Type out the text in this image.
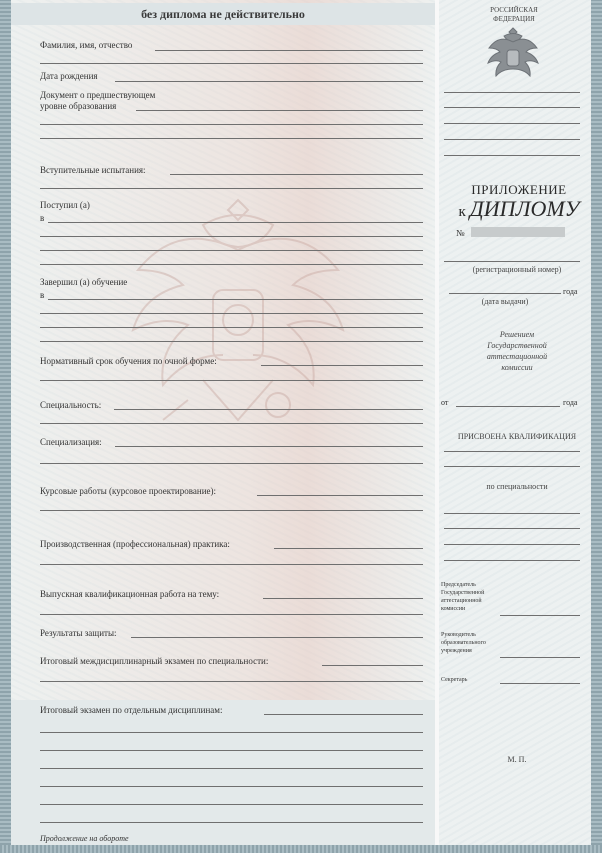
без диплома не действительно	РОССИЙСКАЯ
ФЕДЕРАЦИЯ
Фамилия, имя, отчество
Дата рождения
Документ о предшествующем
уровне образования
Вступительные испытания:
Поступил (а)
в
Завершил (а) обучение
в
Нормативный срок обучения по очной форме:
Специальность:
Специализация:
Курсовые работы (курсовое проектирование):
Производственная (профессиональная) практика:
Выпускная квалификационная работа на тему:
Результаты защиты:
Итоговый междисциплинарный экзамен по специальности:
Итоговый экзамен по отдельным дисциплинам:
Продолжение на обороте
ПРИЛОЖЕНИЕ
к ДИПЛОМУ
№
(регистрационный номер)
года
(дата выдачи)
Решением
Государственной
аттестационной
комиссии
от	года
ПРИСВОЕНА КВАЛИФИКАЦИЯ
по специальности
Председатель
Государственной
аттестационной
комиссии
Руководитель
образовательного
учреждения
Секретарь
М. П.
